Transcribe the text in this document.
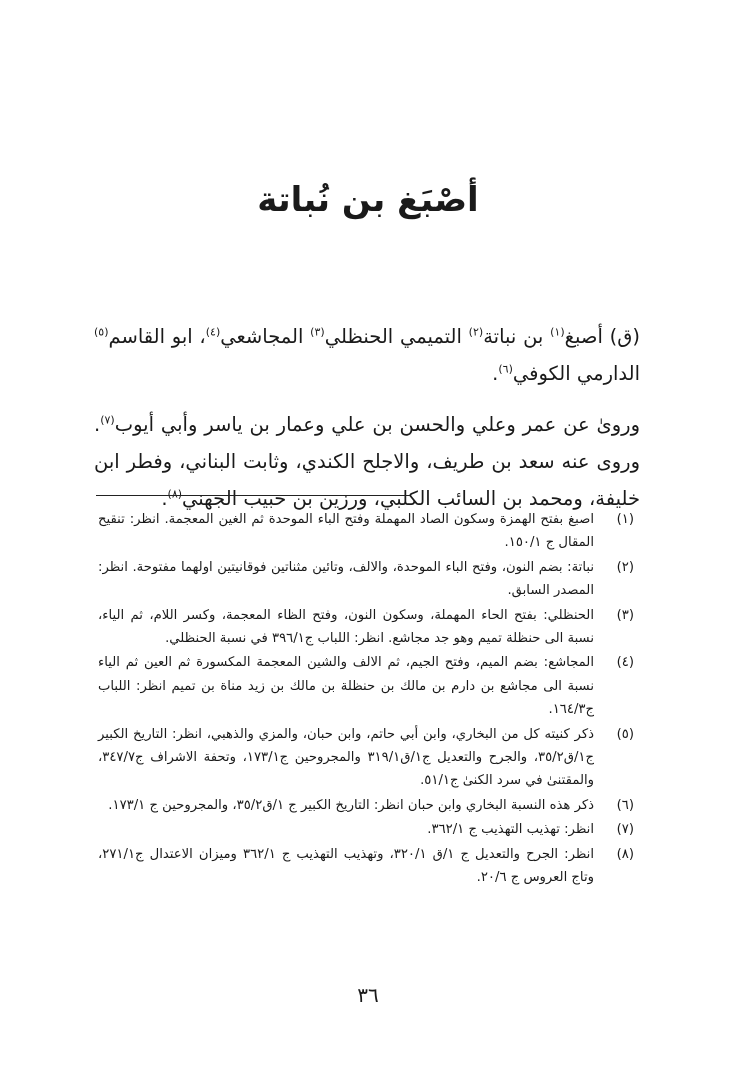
أصْبَغ بن نُباتة

(ق) أصبغ$^{(١)}$ بن نباتة$^{(٢)}$ التميمي الحنظلي$^{(٣)}$ المجاشعي$^{(٤)}$، ابو القاسم$^{(٥)}$ الدارمي الكوفي$^{(٦)}$.

وروىٰ عن عمر وعلي والحسن بن علي وعمار بن ياسر وأبي أيوب$^{(٧)}$. وروى عنه سعد بن طريف، والاجلح الكندي، وثابت البناني، وفطر ابن خليفة، ومحمد بن السائب الكلبي، ورزين بن حبيب الجهني$^{(٨)}$.

(١)
اصبغ بفتح الهمزة وسكون الصاد المهملة وفتح الباء الموحدة ثم الغين المعجمة. انظر: تنقيح المقال ج ١٥٠/١.
(٢)
نباتة: بضم النون، وفتح الباء الموحدة، والالف، وتائين مثناتين فوقانيتين اولهما مفتوحة. انظر: المصدر السابق.
(٣)
الحنظلي: بفتح الحاء المهملة، وسكون النون، وفتح الظاء المعجمة، وكسر اللام، ثم الياء، نسبة الى حنظلة تميم وهو جد مجاشع. انظر: اللباب ج٣٩٦/١ في نسبة الحنظلي.
(٤)
المجاشع: بضم الميم، وفتح الجيم، ثم الالف والشين المعجمة المكسورة ثم العين ثم الياء نسبة الى مجاشع بن دارم بن مالك بن حنظلة بن مالك بن زيد مناة بن تميم انظر: اللباب ج١٦٤/٣.
(٥)
ذكر كنيته كل من البخاري، وابن أبي حاتم، وابن حبان، والمزي والذهبي، انظر: التاريخ الكبير ج١/ق٣٥/٢، والجرح والتعديل ج١/ق٣١٩/١ والمجروحين ج١٧٣/١، وتحفة الاشراف ج٣٤٧/٧، والمقتنىٰ في سرد الكنىٰ ج٥١/١.
(٦)
ذكر هذه النسبة البخاري وابن حبان انظر: التاريخ الكبير ج ١/ق٣٥/٢، والمجروحين ج ١٧٣/١.
(٧)
انظر: تهذيب التهذيب ج ٣٦٢/١.
(٨)
انظر: الجرح والتعديل ج ١/ق ٣٢٠/١، وتهذيب التهذيب ج ٣٦٢/١ وميزان الاعتدال ج٢٧١/١، وتاج العروس ج ٢٠/٦.
٣٦
